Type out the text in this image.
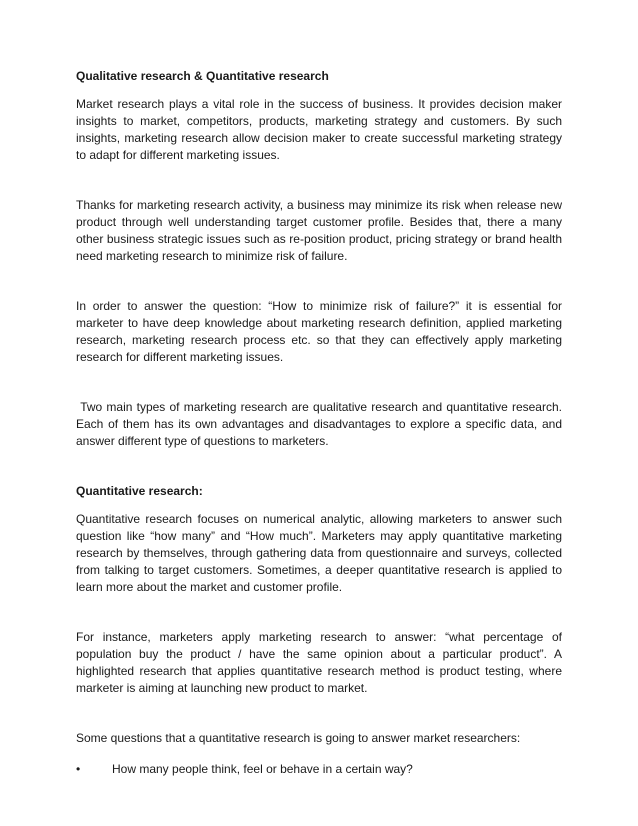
Qualitative research & Quantitative research

Market research plays a vital role in the success of business. It provides decision maker insights to market, competitors, products, marketing strategy and customers. By such insights, marketing research allow decision maker to create successful marketing strategy to adapt for different marketing issues.

Thanks for marketing research activity, a business may minimize its risk when release new product through well understanding target customer profile. Besides that, there a many other business strategic issues such as re-position product, pricing strategy or brand health need marketing research to minimize risk of failure.

In order to answer the question: “How to minimize risk of failure?” it is essential for marketer to have deep knowledge about marketing research definition, applied marketing research, marketing research process etc. so that they can effectively apply marketing research for different marketing issues.

Two main types of marketing research are qualitative research and quantitative research. Each of them has its own advantages and disadvantages to explore a specific data, and answer different type of questions to marketers.

Quantitative research:

Quantitative research focuses on numerical analytic, allowing marketers to answer such question like “how many” and “How much”. Marketers may apply quantitative marketing research by themselves, through gathering data from questionnaire and surveys, collected from talking to target customers. Sometimes, a deeper quantitative research is applied to learn more about the market and customer profile.

For instance, marketers apply marketing research to answer: “what percentage of population buy the product / have the same opinion about a particular product”. A highlighted research that applies quantitative research method is product testing, where marketer is aiming at launching new product to market.

Some questions that a quantitative research is going to answer market researchers:

•	How many people think, feel or behave in a certain way?
